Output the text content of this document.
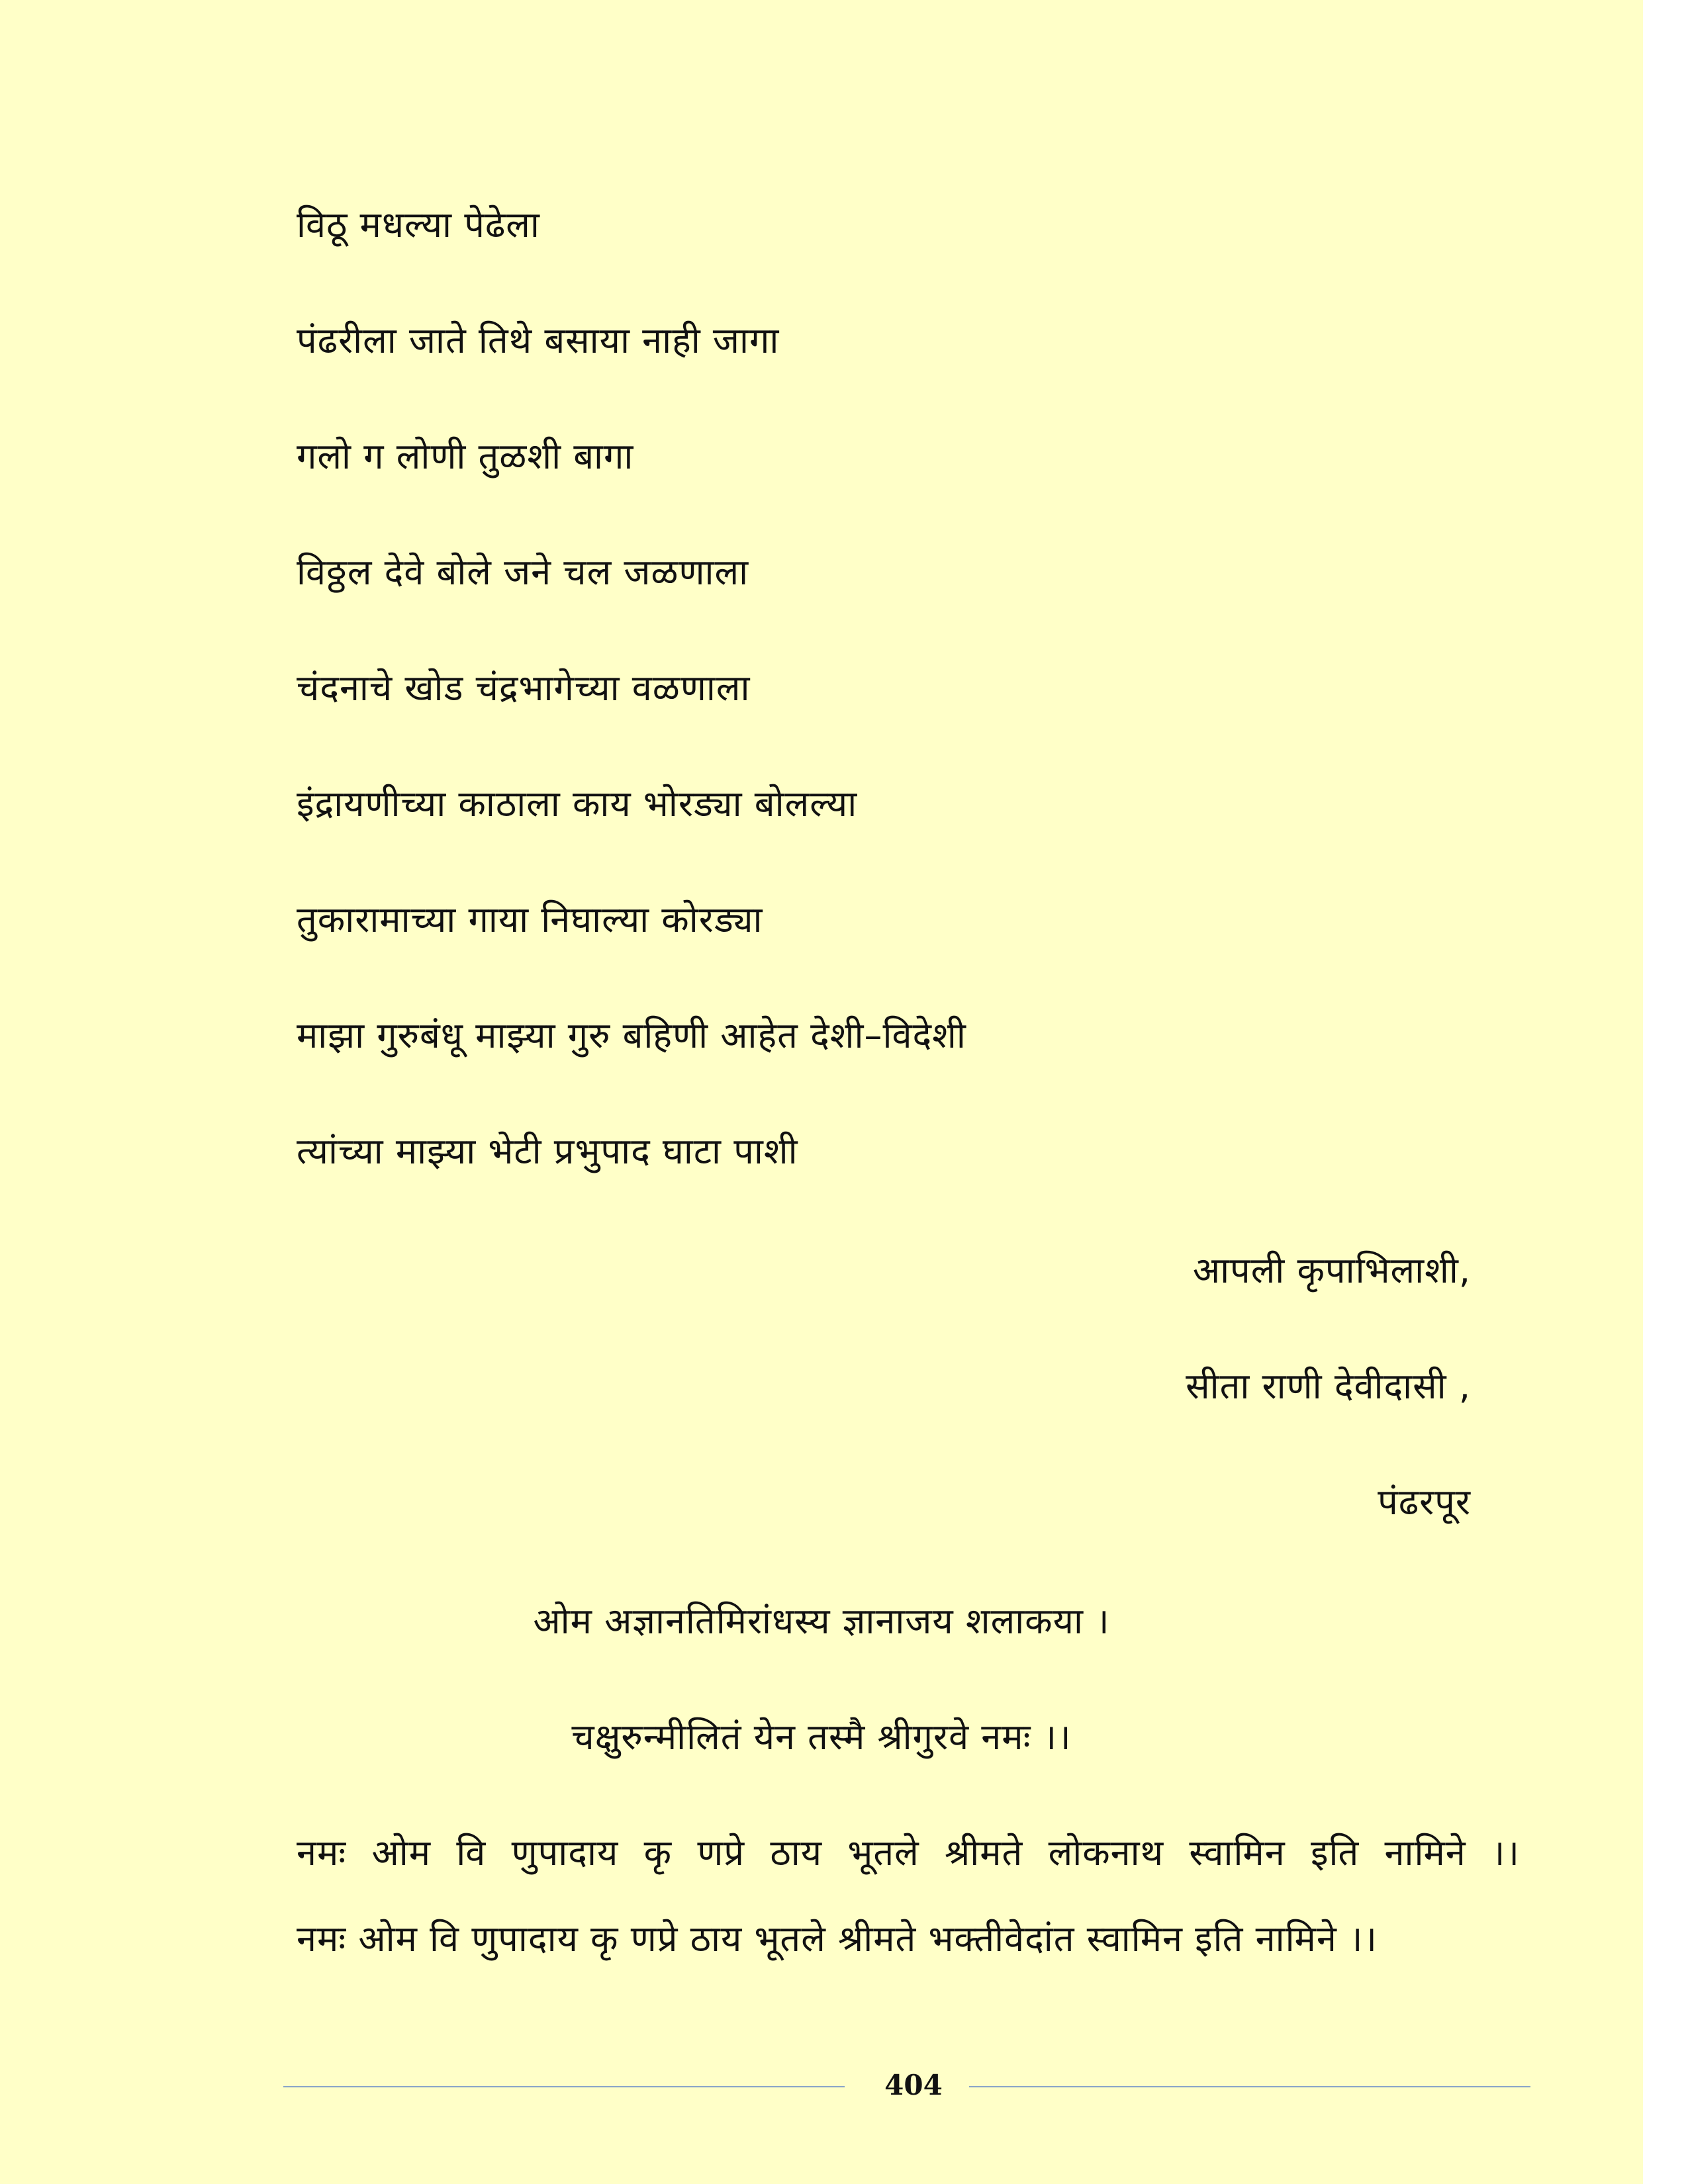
विठू मधल्या पेढेला
पंढरीला जाते तिथे बसाया नाही जागा
गलो ग लोणी तुळशी बागा
विठ्ठल देवे बोले जने चल जळणाला
चंदनाचे खोड चंद्रभागेच्या वळणाला
इंद्रायणीच्या काठाला काय भोरड्या बोलल्या
तुकारामाच्या गाया निघाल्या कोरड्या
माझा गुरुबंधू माझ्या गुरु बहिणी आहेत देशी–विदेशी
त्यांच्या माझ्या भेटी प्रभुपाद घाटा पाशी
आपली कृपाभिलाशी,
सीता राणी देवीदासी ,
पंढरपूर
ओम अज्ञानतिमिरांधस्य ज्ञानाजय शलाकया ।
चक्षुरुन्मीलितं येन तस्मै श्रीगुरवे नमः ।।
नमः ओम वि णुपादाय कृ णप्रे ठाय भूतले श्रीमते लोकनाथ स्वामिन इति नामिने ।।
नमः ओम वि णुपादाय कृ णप्रे ठाय भूतले श्रीमते भक्तीवेदांत स्वामिन इति नामिने ।।
404
